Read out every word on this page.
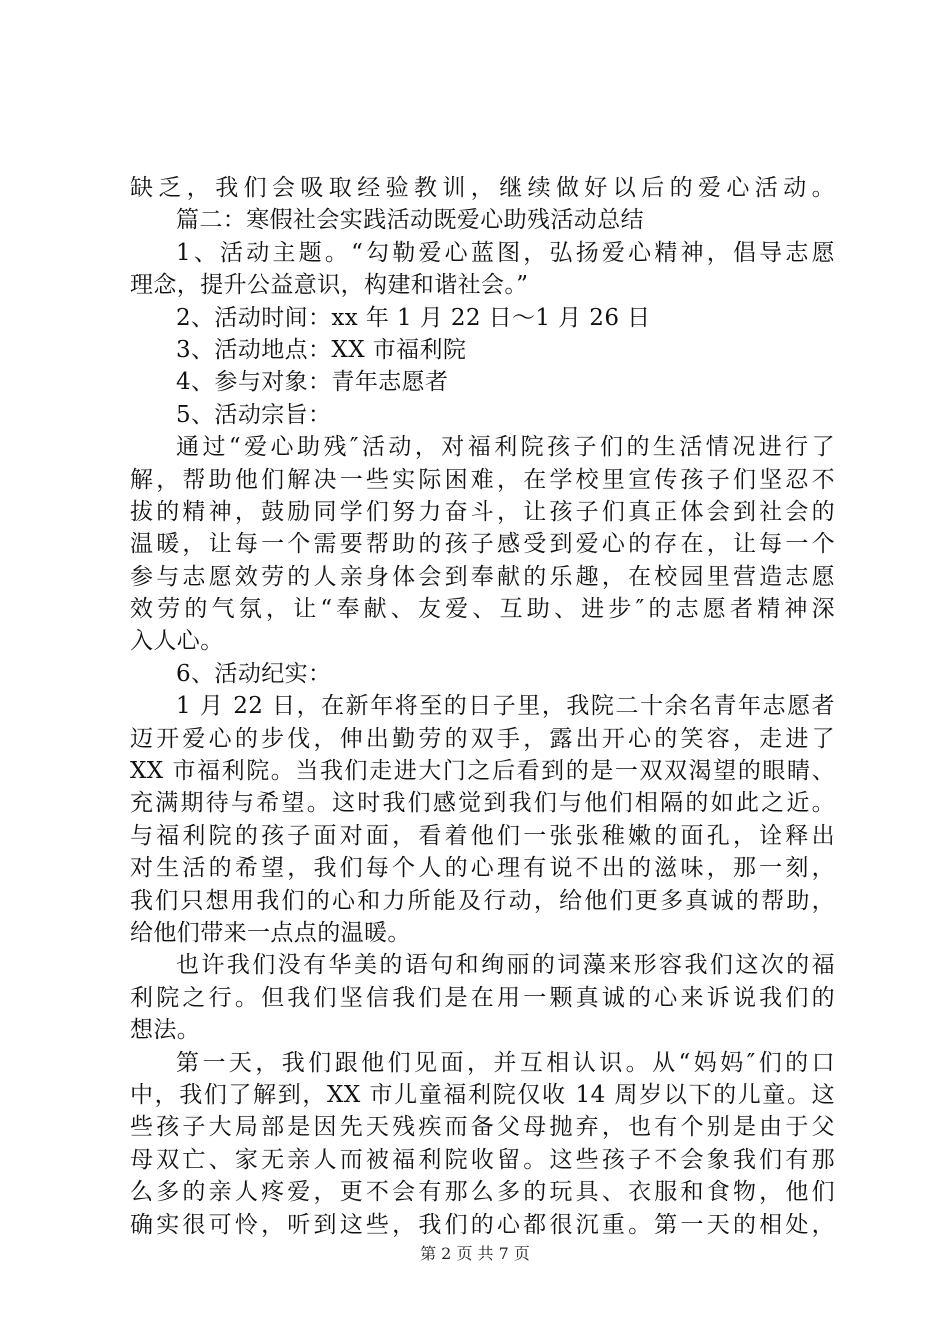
缺乏，我们会吸取经验教训，继续做好以后的爱心活动。
篇二：寒假社会实践活动既爱心助残活动总结
1、活动主题。“勾勒爱心蓝图，弘扬爱心精神，倡导志愿
理念，提升公益意识，构建和谐社会。”
2、活动时间：xx 年 1 月 22 日～1 月 26 日
3、活动地点：XX 市福利院
4、参与对象：青年志愿者
5、活动宗旨：
通过“爱心助残″活动，对福利院孩子们的生活情况进行了
解，帮助他们解决一些实际困难，在学校里宣传孩子们坚忍不
拔的精神，鼓励同学们努力奋斗，让孩子们真正体会到社会的
温暖，让每一个需要帮助的孩子感受到爱心的存在，让每一个
参与志愿效劳的人亲身体会到奉献的乐趣，在校园里营造志愿
效劳的气氛，让“奉献、友爱、互助、进步″的志愿者精神深
入人心。
6、活动纪实：
1 月 22 日，在新年将至的日子里，我院二十余名青年志愿者
迈开爱心的步伐，伸出勤劳的双手，露出开心的笑容，走进了
XX 市福利院。当我们走进大门之后看到的是一双双渴望的眼睛、
充满期待与希望。这时我们感觉到我们与他们相隔的如此之近。
与福利院的孩子面对面，看着他们一张张稚嫩的面孔，诠释出
对生活的希望，我们每个人的心理有说不出的滋味，那一刻，
我们只想用我们的心和力所能及行动，给他们更多真诚的帮助，
给他们带来一点点的温暖。
也许我们没有华美的语句和绚丽的词藻来形容我们这次的福
利院之行。但我们坚信我们是在用一颗真诚的心来诉说我们的
想法。
第一天，我们跟他们见面，并互相认识。从“妈妈″们的口
中，我们了解到，XX 市儿童福利院仅收 14 周岁以下的儿童。这
些孩子大局部是因先天残疾而备父母抛弃，也有个别是由于父
母双亡、家无亲人而被福利院收留。这些孩子不会象我们有那
么多的亲人疼爱，更不会有那么多的玩具、衣服和食物，他们
确实很可怜，听到这些，我们的心都很沉重。第一天的相处，
第 2 页 共 7 页
